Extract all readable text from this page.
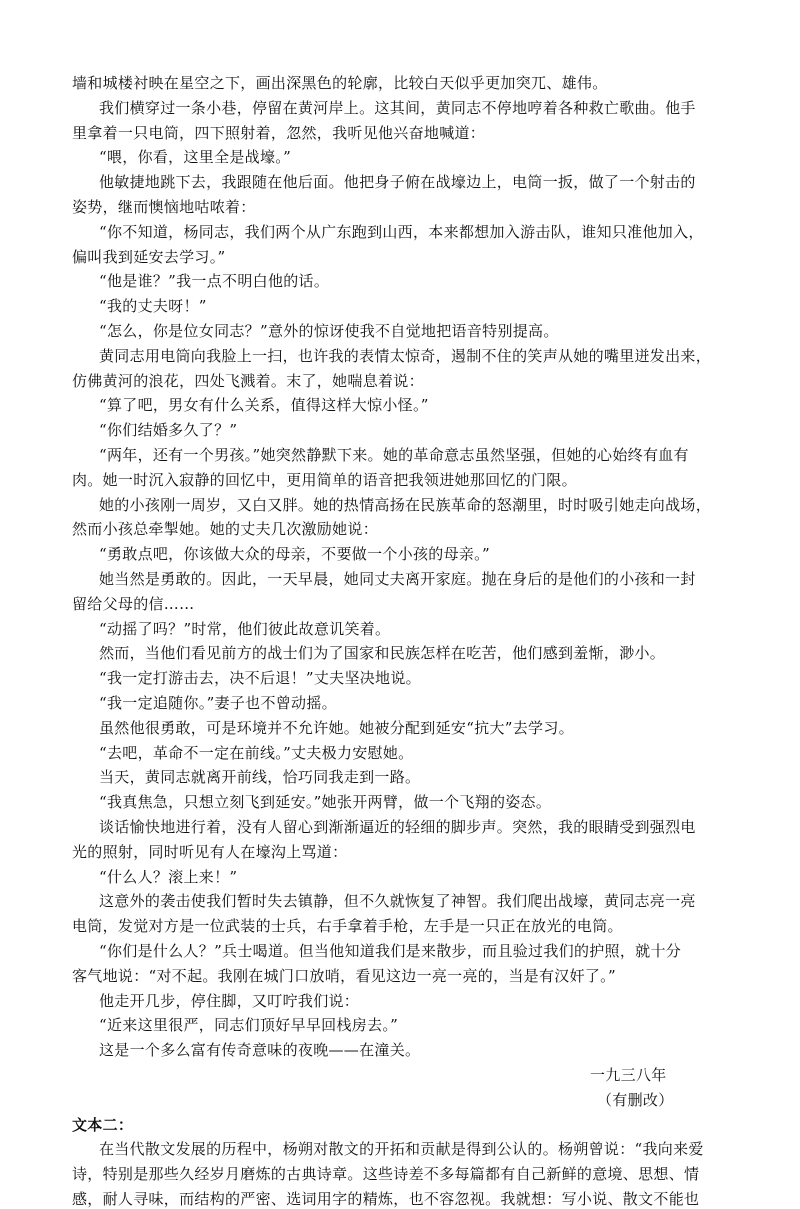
墙和城楼衬映在星空之下，画出深黑色的轮廓，比较白天似乎更加突兀、雄伟。
我们横穿过一条小巷，停留在黄河岸上。这其间，黄同志不停地哼着各种救亡歌曲。他手
里拿着一只电筒，四下照射着，忽然，我听见他兴奋地喊道：
“喂，你看，这里全是战壕。”
他敏捷地跳下去，我跟随在他后面。他把身子俯在战壕边上，电筒一扳，做了一个射击的
姿势，继而懊恼地咕哝着：
“你不知道，杨同志，我们两个从广东跑到山西，本来都想加入游击队，谁知只准他加入，
偏叫我到延安去学习。”
“他是谁？”我一点不明白他的话。
“我的丈夫呀！”
“怎么，你是位女同志？”意外的惊讶使我不自觉地把语音特别提高。
黄同志用电筒向我脸上一扫，也许我的表情太惊奇，遏制不住的笑声从她的嘴里迸发出来，
仿佛黄河的浪花，四处飞溅着。末了，她喘息着说：
“算了吧，男女有什么关系，值得这样大惊小怪。”
“你们结婚多久了？”
“两年，还有一个男孩。”她突然静默下来。她的革命意志虽然坚强，但她的心始终有血有
肉。她一时沉入寂静的回忆中，更用简单的语音把我领进她那回忆的门限。
她的小孩刚一周岁，又白又胖。她的热情高扬在民族革命的怒潮里，时时吸引她走向战场，
然而小孩总牵掣她。她的丈夫几次激励她说：
“勇敢点吧，你该做大众的母亲，不要做一个小孩的母亲。”
她当然是勇敢的。因此，一天早晨，她同丈夫离开家庭。抛在身后的是他们的小孩和一封
留给父母的信……
“动摇了吗？”时常，他们彼此故意讥笑着。
然而，当他们看见前方的战士们为了国家和民族怎样在吃苦，他们感到羞惭，渺小。
“我一定打游击去，决不后退！”丈夫坚决地说。
“我一定追随你。”妻子也不曾动摇。
虽然他很勇敢，可是环境并不允许她。她被分配到延安“抗大”去学习。
“去吧，革命不一定在前线。”丈夫极力安慰她。
当天，黄同志就离开前线，恰巧同我走到一路。
“我真焦急，只想立刻飞到延安。”她张开两臂，做一个飞翔的姿态。
谈话愉快地进行着，没有人留心到渐渐逼近的轻细的脚步声。突然，我的眼睛受到强烈电
光的照射，同时听见有人在壕沟上骂道：
“什么人？滚上来！”
这意外的袭击使我们暂时失去镇静，但不久就恢复了神智。我们爬出战壕，黄同志亮一亮
电筒，发觉对方是一位武装的士兵，右手拿着手枪，左手是一只正在放光的电筒。
“你们是什么人？”兵士喝道。但当他知道我们是来散步，而且验过我们的护照，就十分
客气地说：“对不起。我刚在城门口放哨，看见这边一亮一亮的，当是有汉奸了。”
他走开几步，停住脚，又叮咛我们说：
“近来这里很严，同志们顶好早早回栈房去。”
这是一个多么富有传奇意味的夜晚——在潼关。
一九三八年
（有删改）
文本二：
在当代散文发展的历程中，杨朔对散文的开拓和贡献是得到公认的。杨朔曾说：“我向来爱
诗，特别是那些久经岁月磨炼的古典诗章。这些诗差不多每篇都有自己新鲜的意境、思想、情
感，耐人寻味，而结构的严密、选词用字的精炼，也不容忽视。我就想：写小说、散文不能也
